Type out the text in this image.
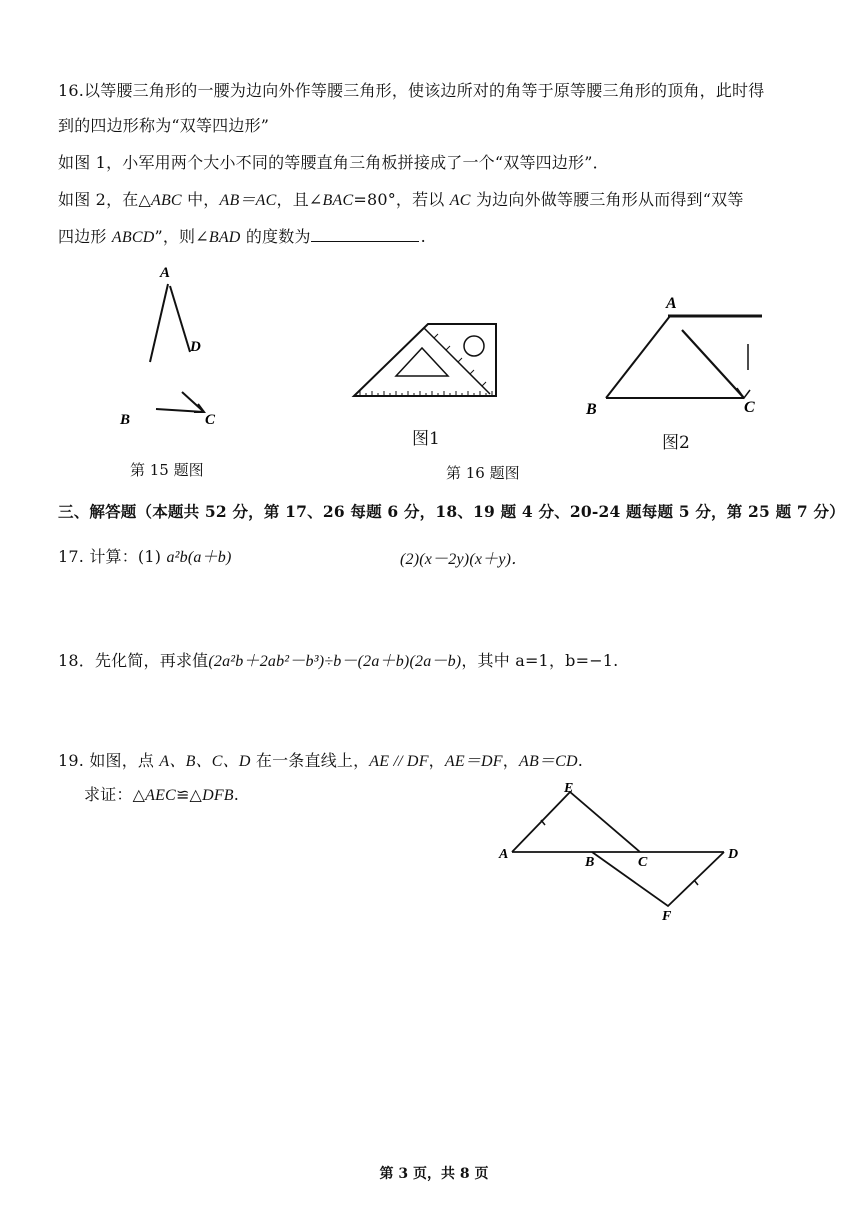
16.以等腰三角形的一腰为边向外作等腰三角形，使该边所对的角等于原等腰三角形的顶角，此时得
到的四边形称为“双等四边形”
如图 1，小军用两个大小不同的等腰直角三角板拼接成了一个“双等四边形”．
如图 2，在△ABC 中，AB＝AC，且∠BAC=80°，若以 AC 为边向外做等腰三角形从而得到“双等
四边形 ABCD”，则∠BAD 的度数为	.
A
D
B	C
第 15 题图
图1
第 16 题图
A
B	C
图2
三、解答题（本题共 52 分，第 17、26 每题 6 分，18、19 题 4 分、20-24 题每题 5 分，第 25 题 7 分）
17. 计算：(1) a²b(a＋b)	(2)(x－2y)(x＋y)．
18．先化简，再求值(2a²b＋2ab²－b³)÷b－(2a＋b)(2a－b)，其中 a=1，b=−1.
19. 如图，点 A、B、C、D 在一条直线上，AE // DF，AE＝DF，AB＝CD.
求证：△AEC≌△DFB.	E
A
B	C
D
F
第 3 页，共 8 页
